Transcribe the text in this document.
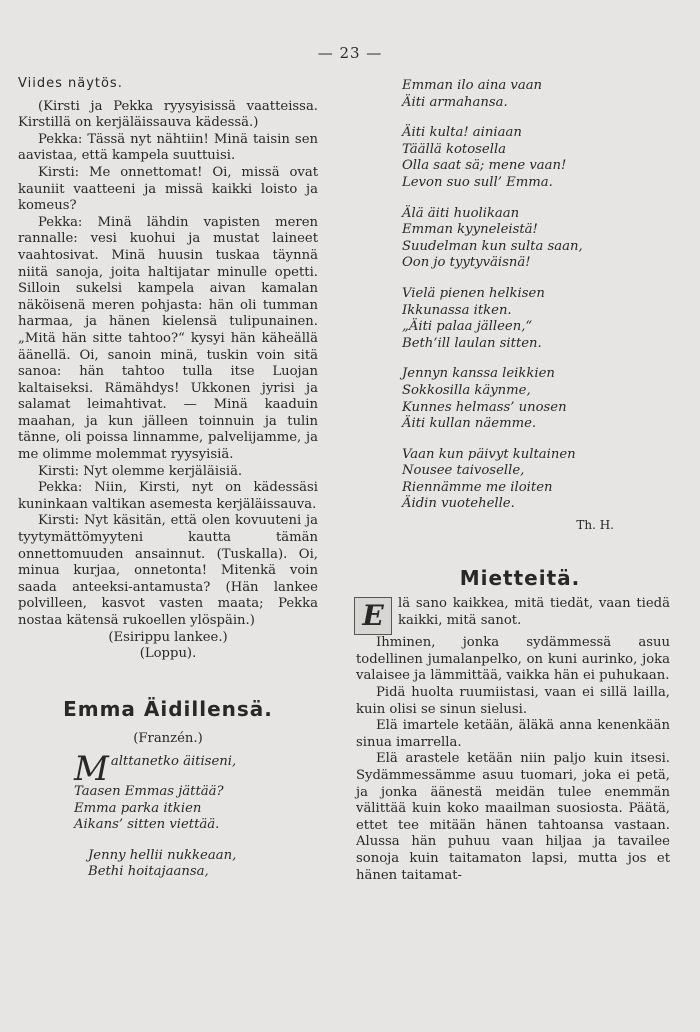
— 23 —

Viides näytös.

(Kirsti ja Pekka ryysyisissä vaatteissa. Kirstillä on kerjäläissauva kädessä.)

Pekka: Tässä nyt nähtiin! Minä taisin sen aavistaa, että kampela suuttuisi.

Kirsti: Me onnettomat! Oi, missä ovat kauniit vaatteeni ja missä kaikki loisto ja komeus?

Pekka: Minä lähdin vapisten meren rannalle: vesi kuohui ja mustat laineet vaahtosivat. Minä huusin tuskaa täynnä niitä sanoja, joita haltijatar minulle opetti. Silloin sukelsi kampela aivan kamalan näköisenä meren pohjasta: hän oli tumman harmaa, ja hänen kielensä tulipunainen. „Mitä hän sitte tahtoo?“ kysyi hän käheällä äänellä. Oi, sanoin minä, tuskin voin sitä sanoa: hän tahtoo tulla itse Luojan kaltaiseksi. Rämähdys! Ukkonen jyrisi ja salamat leimahtivat. — Minä kaaduin maahan, ja kun jälleen toinnuin ja tulin tänne, oli poissa linnamme, palvelijamme, ja me olimme molemmat ryysyisiä.

Kirsti: Nyt olemme kerjäläisiä.

Pekka: Niin, Kirsti, nyt on kädessäsi kuninkaan valtikan asemesta kerjäläissauva.

Kirsti: Nyt käsitän, että olen kovuuteni ja tyytymättömyyteni kautta tämän onnettomuuden ansainnut. (Tuskalla). Oi, minua kurjaa, onnetonta! Mitenkä voin saada anteeksi-antamusta? (Hän lankee polvilleen, kasvot vasten maata; Pekka nostaa kätensä rukoellen ylöspäin.)

(Esirippu lankee.)

(Loppu).

Emma Äidillensä.

(Franzén.)

Malttanetko äitiseni,
Taasen Emmas jättää?
Emma parka itkien
Aikans’ sitten viettää.
Jenny hellii nukkeaan,
Bethi hoitajaansa,
Emman ilo aina vaan
Äiti armahansa.
Äiti kulta! ainiaan
Täällä kotosella
Olla saat sä; mene vaan!
Levon suo sull’ Emma.
Älä äiti huolikaan
Emman kyyneleistä!
Suudelman kun sulta saan,
Oon jo tyytyväisnä!
Vielä pienen helkisen
Ikkunassa itken.
„Äiti palaa jälleen,“
Beth’ill laulan sitten.
Jennyn kanssa leikkien
Sokkosilla käynme,
Kunnes helmass’ unosen
Äiti kullan näemme.
Vaan kun päivyt kultainen
Nousee taivoselle,
Riennämme me iloiten
Äidin vuotehelle.
Th. H.
Mietteitä.

E	lä sano kaikkea, mitä tiedät, vaan tiedä kaikki, mitä sanot.

Ihminen, jonka sydämmessä asuu todellinen jumalanpelko, on kuni aurinko, joka valaisee ja lämmittää, vaikka hän ei puhukaan.

Pidä huolta ruumiistasi, vaan ei sillä lailla, kuin olisi se sinun sielusi.

Elä imartele ketään, äläkä anna kenenkään sinua imarrella.

Elä arastele ketään niin paljo kuin itsesi. Sydämmessämme asuu tuomari, joka ei petä, ja jonka äänestä meidän tulee enemmän välittää kuin koko maailman suosiosta. Päätä, ettet tee mitään hänen tahtoansa vastaan. Alussa hän puhuu vaan hiljaa ja tavailee sonoja kuin taitamaton lapsi, mutta jos et hänen taitamat-
